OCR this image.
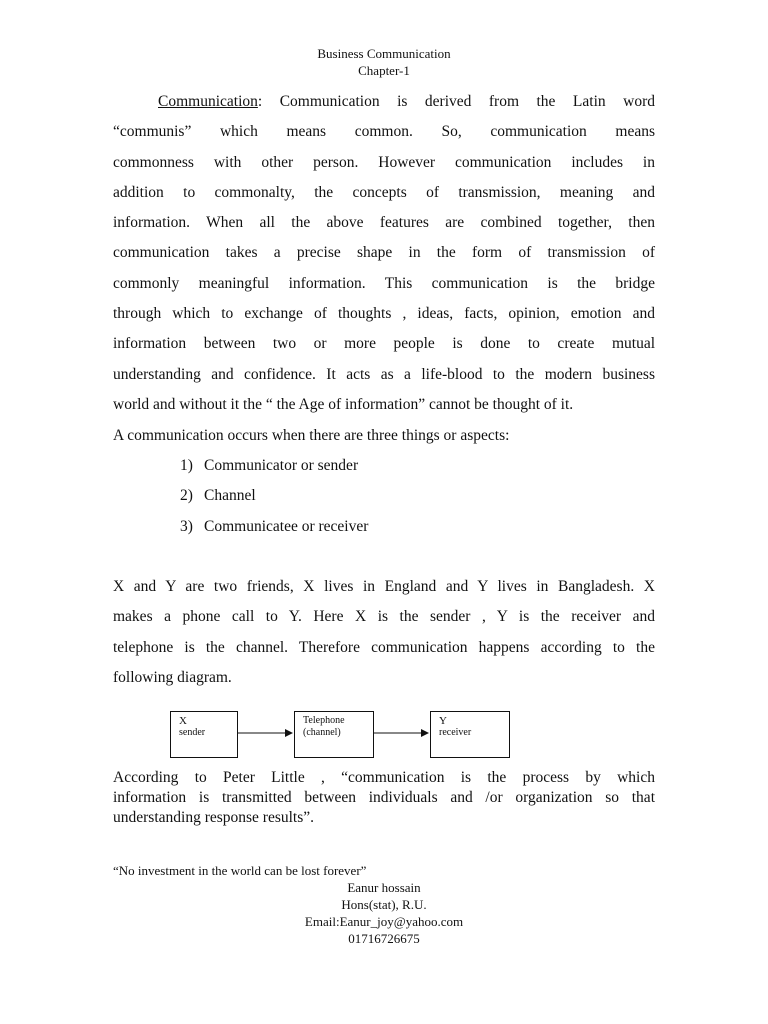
Business Communication
Chapter-1
Communication: Communication is derived from the Latin word
“communis” which means common. So, communication means
commonness with other person. However communication includes in
addition to commonalty, the concepts of transmission, meaning and
information. When all the above features are combined together, then
communication takes a precise shape in the form of transmission of
commonly meaningful information. This communication is the bridge
through which to exchange of thoughts , ideas, facts, opinion, emotion and
information between two or more people is done to create mutual
understanding and confidence. It acts as a life-blood to the modern business
world and without it the “ the Age of information” cannot be thought of it.
A communication occurs when there are three things or aspects:
1) Communicator or sender
2) Channel
3) Communicatee or receiver
X and Y are two friends, X lives in England and Y lives in Bangladesh. X
makes a phone call to Y. Here X is the sender , Y is the receiver and
telephone is the channel. Therefore communication happens according to the
following diagram.
X
sender
Telephone
(channel)
Y
receiver
According to Peter Little , “communication is the process by which
information is transmitted between individuals and /or organization so that
understanding response results”.
“No investment in the world can be lost forever”
Eanur hossain
Hons(stat), R.U.
Email:Eanur_joy@yahoo.com
01716726675
